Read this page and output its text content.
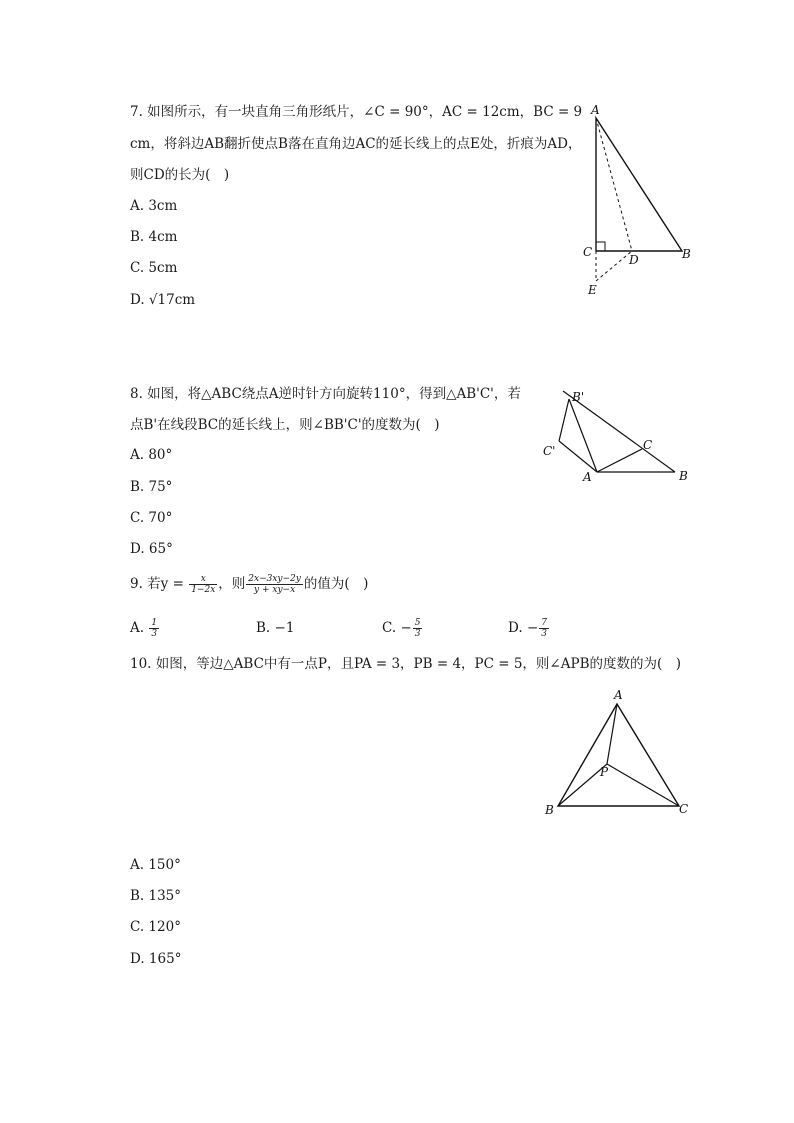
7. 如图所示，有一块直角三角形纸片，∠C = 90°，AC = 12cm，BC = 9
cm，将斜边AB翻折使点B落在直角边AC的延长线上的点E处，折痕为AD，
则CD的长为(　)
A. 3cm
B. 4cm
C. 5cm
D. √17cm
A
C
D	B
E
8. 如图，将△ABC绕点A逆时针方向旋转110°，得到△AB'C'，若
点B'在线段BC的延长线上，则∠BB'C'的度数为(　)
A. 80°
B. 75°
C. 70°
D. 65°
B'
C'	C
A	B
9. 若$y = \frac{x}{1-2x}$ ，则 $\frac{2x-3xy-2y}{y + xy-x}$ 的值为(　)
A. $\frac{1}{3}$	B. −1	C. − $\frac{5}{3}$	D. − $\frac{7}{3}$
10. 如图，等边△ABC中有一点P，且PA = 3，PB = 4，PC = 5，则∠APB的度数的为(　)
A
P
B	C
A. 150°
B. 135°
C. 120°
D. 165°
